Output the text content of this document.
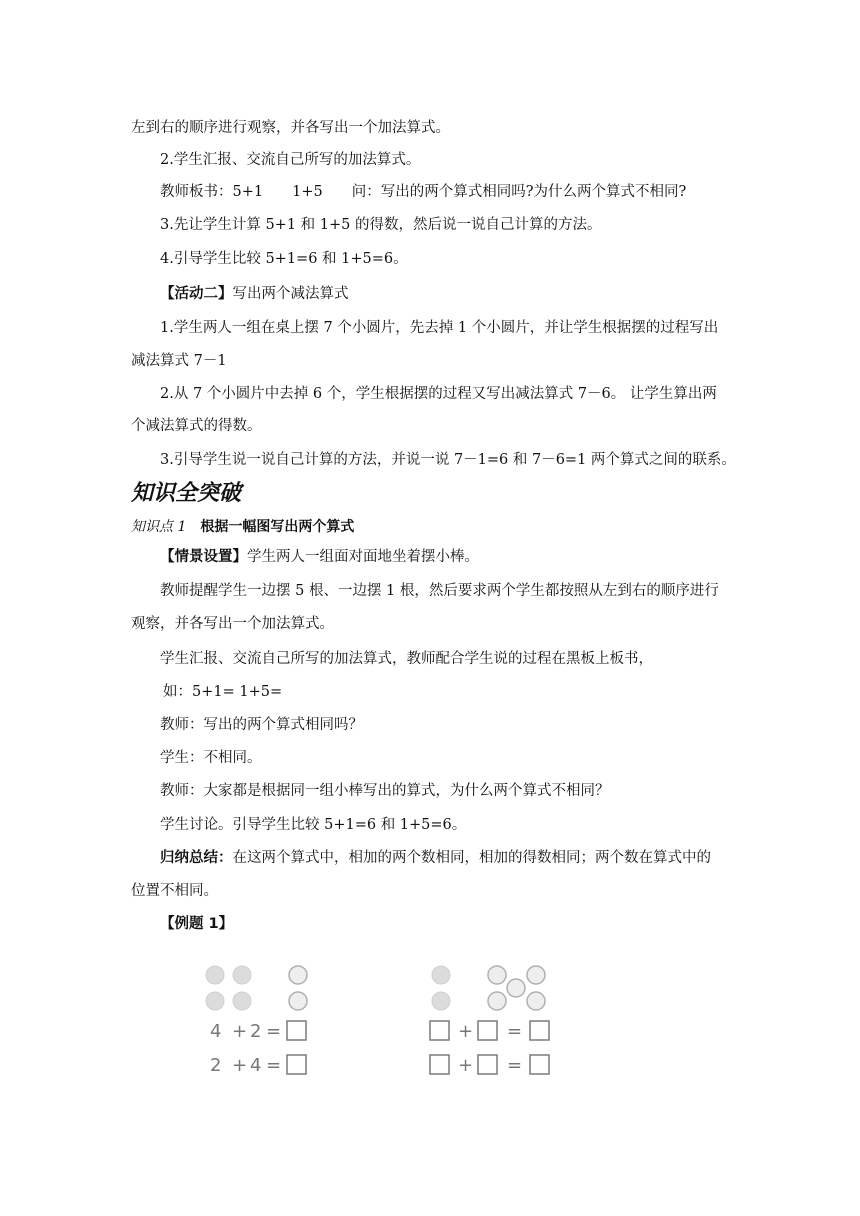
左到右的顺序进行观察，并各写出一个加法算式。
2.学生汇报、交流自己所写的加法算式。
教师板书：5+1　　1+5　　问：写出的两个算式相同吗?为什么两个算式不相同?
3.先让学生计算 5+1 和 1+5 的得数，然后说一说自己计算的方法。
4.引导学生比较 5+1=6 和 1+5=6。
【活动二】写出两个减法算式
1.学生两人一组在桌上摆 7 个小圆片，先去掉 1 个小圆片，并让学生根据摆的过程写出
减法算式 7－1
2.从 7 个小圆片中去掉 6 个，学生根据摆的过程又写出减法算式 7－6。 让学生算出两
个减法算式的得数。
3.引导学生说一说自己计算的方法，并说一说 7－1=6 和 7－6=1 两个算式之间的联系。
知识全突破
知识点 1 根据一幅图写出两个算式
【情景设置】学生两人一组面对面地坐着摆小棒。
教师提醒学生一边摆 5 根、一边摆 1 根，然后要求两个学生都按照从左到右的顺序进行
观察，并各写出一个加法算式。
学生汇报、交流自己所写的加法算式，教师配合学生说的过程在黑板上板书，
如：5+1= 1+5=
教师：写出的两个算式相同吗？
学生：不相同。
教师：大家都是根据同一组小棒写出的算式，为什么两个算式不相同？
学生讨论。引导学生比较 5+1=6 和 1+5=6。
归纳总结：在这两个算式中，相加的两个数相同，相加的得数相同；两个数在算式中的
位置不相同。
【例题 1】
4 + 2 =
2 + 4 =
+ =
+ =
